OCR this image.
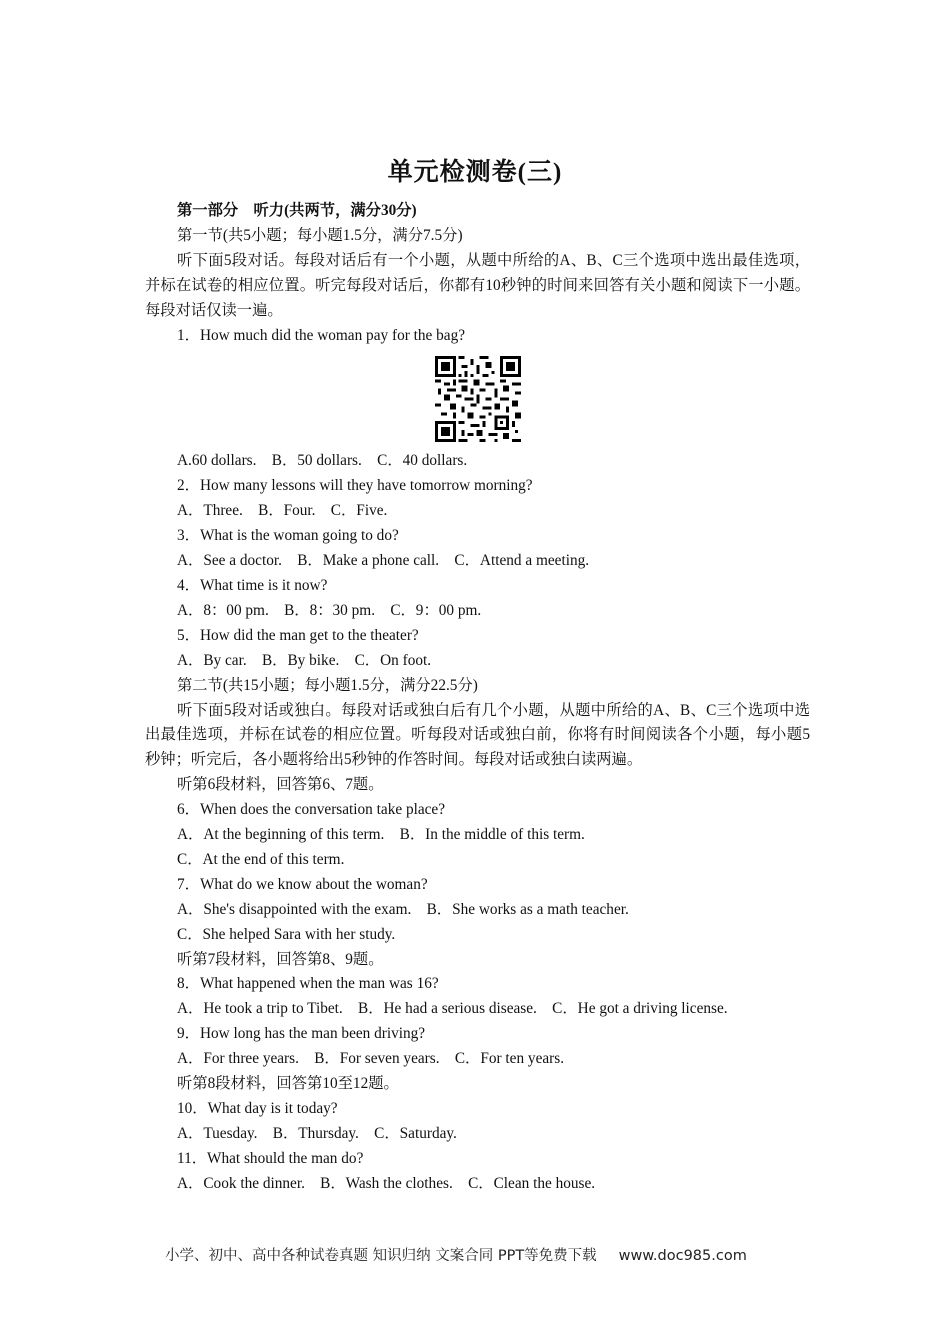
单元检测卷(三)
第一部分　听力(共两节，满分30分)
第一节(共5小题；每小题1.5分，满分7.5分)
听下面5段对话。每段对话后有一个小题，从题中所给的A、B、C三个选项中选出最佳选项，并标在试卷的相应位置。听完每段对话后，你都有10秒钟的时间来回答有关小题和阅读下一小题。每段对话仅读一遍。
1．How much did the woman pay for the bag?
A.60 dollars.　B．50 dollars.　C．40 dollars.
2．How many lessons will they have tomorrow morning?
A．Three.　B．Four.　C．Five.
3．What is the woman going to do?
A．See a doctor.　B．Make a phone call.　C．Attend a meeting.
4．What time is it now?
A．8：00 pm.　B．8：30 pm.　C．9：00 pm.
5．How did the man get to the theater?
A．By car.　B．By bike.　C．On foot.
第二节(共15小题；每小题1.5分，满分22.5分)
听下面5段对话或独白。每段对话或独白后有几个小题，从题中所给的A、B、C三个选项中选出最佳选项，并标在试卷的相应位置。听每段对话或独白前，你将有时间阅读各个小题，每小题5秒钟；听完后，各小题将给出5秒钟的作答时间。每段对话或独白读两遍。
听第6段材料，回答第6、7题。
6．When does the conversation take place?
A．At the beginning of this term.　B．In the middle of this term.
C．At the end of this term.
7．What do we know about the woman?
A．She's disappointed with the exam.　B．She works as a math teacher.
C．She helped Sara with her study.
听第7段材料，回答第8、9题。
8．What happened when the man was 16?
A．He took a trip to Tibet.　B．He had a serious disease.　C．He got a driving license.
9．How long has the man been driving?
A．For three years.　B．For seven years.　C．For ten years.
听第8段材料，回答第10至12题。
10．What day is it today?
A．Tuesday.　B．Thursday.　C．Saturday.
11．What should the man do?
A．Cook the dinner.　B．Wash the clothes.　C．Clean the house.
小学、初中、高中各种试卷真题 知识归纳 文案合同 PPT等免费下载 www.doc985.com
